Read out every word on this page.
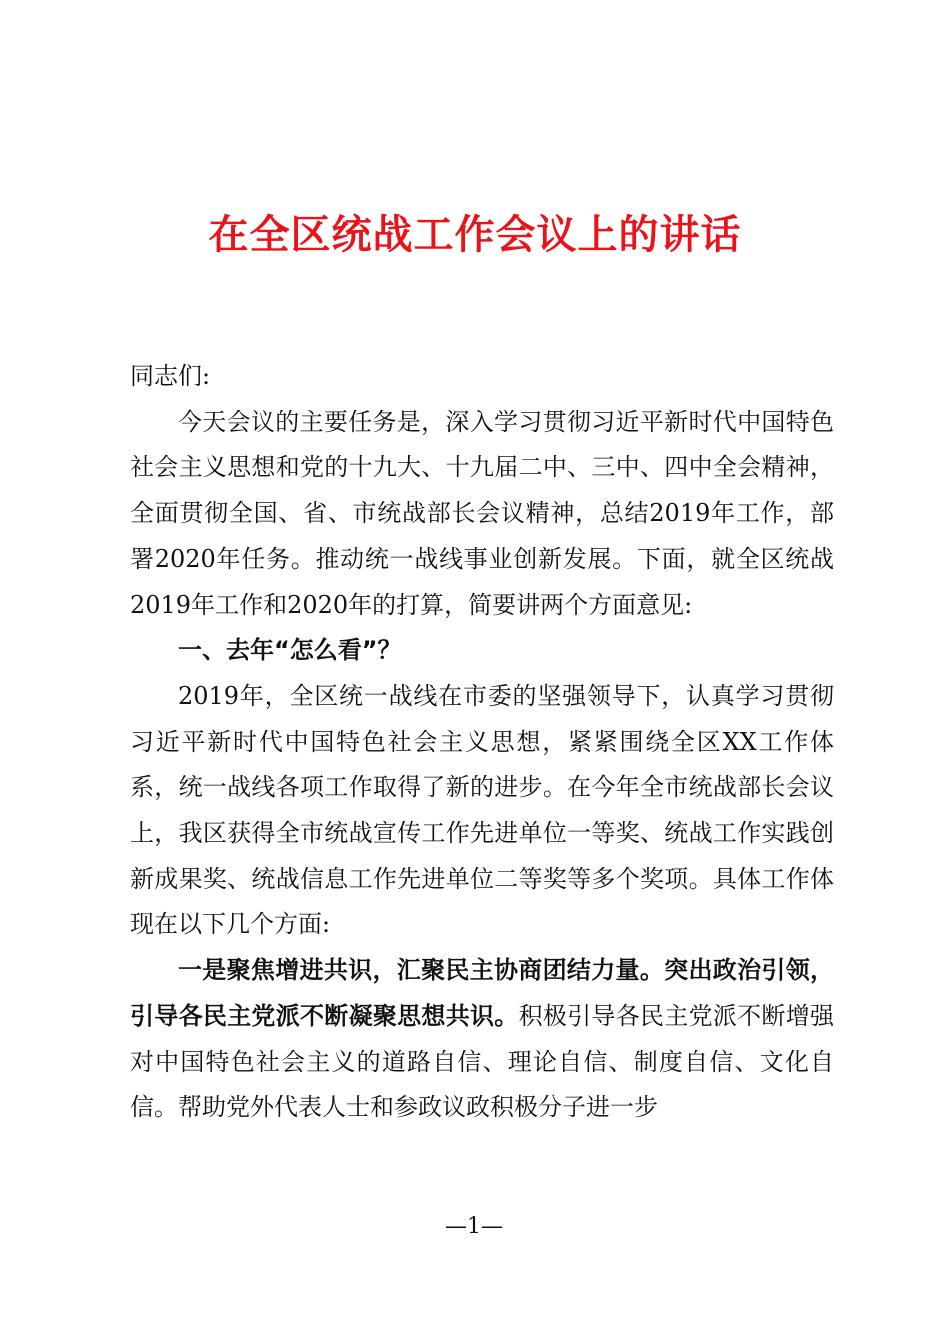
在全区统战工作会议上的讲话

同志们:

今天会议的主要任务是，深入学习贯彻习近平新时代中国特色社会主义思想和党的十九大、十九届二中、三中、四中全会精神，全面贯彻全国、省、市统战部长会议精神，总结2019年工作，部署2020年任务。推动统一战线事业创新发展。下面，就全区统战2019年工作和2020年的打算，简要讲两个方面意见:

一、去年“怎么看”？

2019年，全区统一战线在市委的坚强领导下，认真学习贯彻习近平新时代中国特色社会主义思想，紧紧围绕全区XX工作体系，统一战线各项工作取得了新的进步。在今年全市统战部长会议上，我区获得全市统战宣传工作先进单位一等奖、统战工作实践创新成果奖、统战信息工作先进单位二等奖等多个奖项。具体工作体现在以下几个方面:

一是聚焦增进共识，汇聚民主协商团结力量。突出政治引领，引导各民主党派不断凝聚思想共识。积极引导各民主党派不断增强对中国特色社会主义的道路自信、理论自信、制度自信、文化自信。帮助党外代表人士和参政议政积极分子进一步

—1—
